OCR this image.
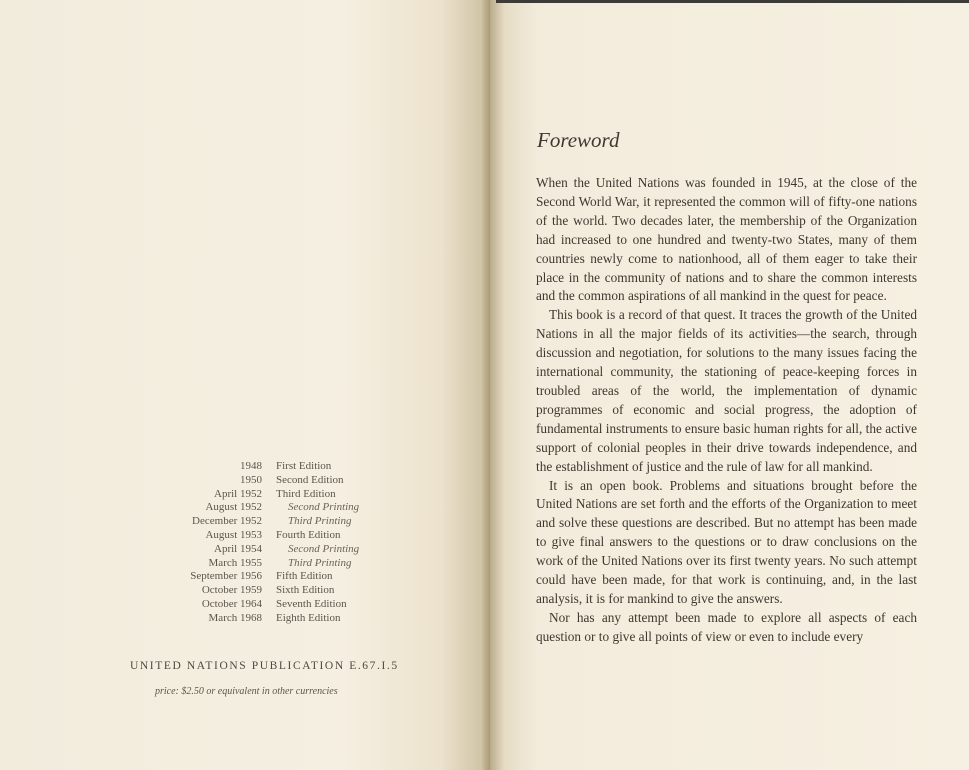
1948	First Edition
1950	Second Edition
April 1952	Third Edition
August 1952	Second Printing
December 1952	Third Printing
August 1953	Fourth Edition
April 1954	Second Printing
March 1955	Third Printing
September 1956	Fifth Edition
October 1959	Sixth Edition
October 1964	Seventh Edition
March 1968	Eighth Edition
UNITED NATIONS PUBLICATION E.67.I.5
price: $2.50 or equivalent in other currencies
Foreword

When the United Nations was founded in 1945, at the close of the Second World War, it represented the common will of fifty-one nations of the world. Two decades later, the membership of the Organization had increased to one hundred and twenty-two States, many of them countries newly come to nationhood, all of them eager to take their place in the community of nations and to share the common interests and the common aspirations of all mankind in the quest for peace.

This book is a record of that quest. It traces the growth of the United Nations in all the major fields of its activities—the search, through discussion and negotiation, for solutions to the many issues facing the international community, the stationing of peace-keeping forces in troubled areas of the world, the implementation of dynamic programmes of economic and social progress, the adoption of fundamental instruments to ensure basic human rights for all, the active support of colonial peoples in their drive towards independence, and the establishment of justice and the rule of law for all mankind.

It is an open book. Problems and situations brought before the United Nations are set forth and the efforts of the Organization to meet and solve these questions are described. But no attempt has been made to give final answers to the questions or to draw conclusions on the work of the United Nations over its first twenty years. No such attempt could have been made, for that work is continuing, and, in the last analysis, it is for mankind to give the answers.

Nor has any attempt been made to explore all aspects of each question or to give all points of view or even to include every
